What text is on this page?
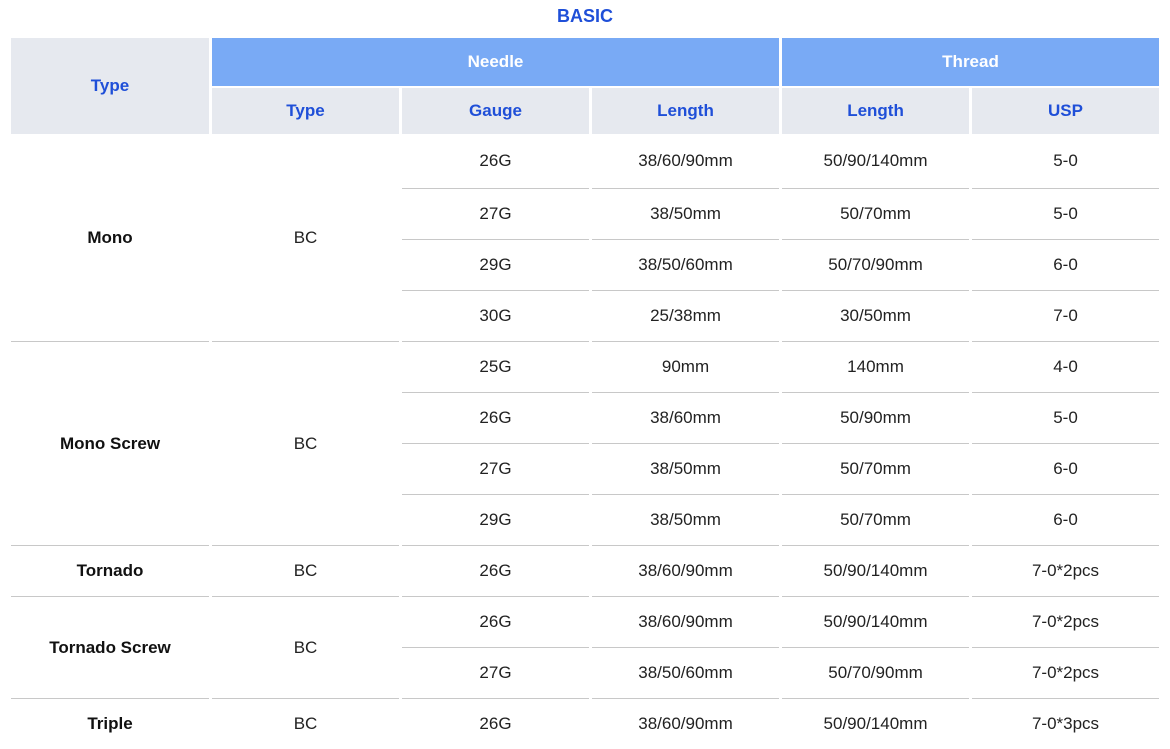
BASIC
Type	Needle			Thread	
	Type	Gauge	Length	Length	USP
Mono	BC	26G	38/60/90mm	50/90/140mm	5-0
		27G	38/50mm	50/70mm	5-0
		29G	38/50/60mm	50/70/90mm	6-0
		30G	25/38mm	30/50mm	7-0
Mono Screw	BC	25G	90mm	140mm	4-0
		26G	38/60mm	50/90mm	5-0
		27G	38/50mm	50/70mm	6-0
		29G	38/50mm	50/70mm	6-0
Tornado	BC	26G	38/60/90mm	50/90/140mm	7-0*2pcs
Tornado Screw	BC	26G	38/60/90mm	50/90/140mm	7-0*2pcs
		27G	38/50/60mm	50/70/90mm	7-0*2pcs
Triple	BC	26G	38/60/90mm	50/90/140mm	7-0*3pcs
